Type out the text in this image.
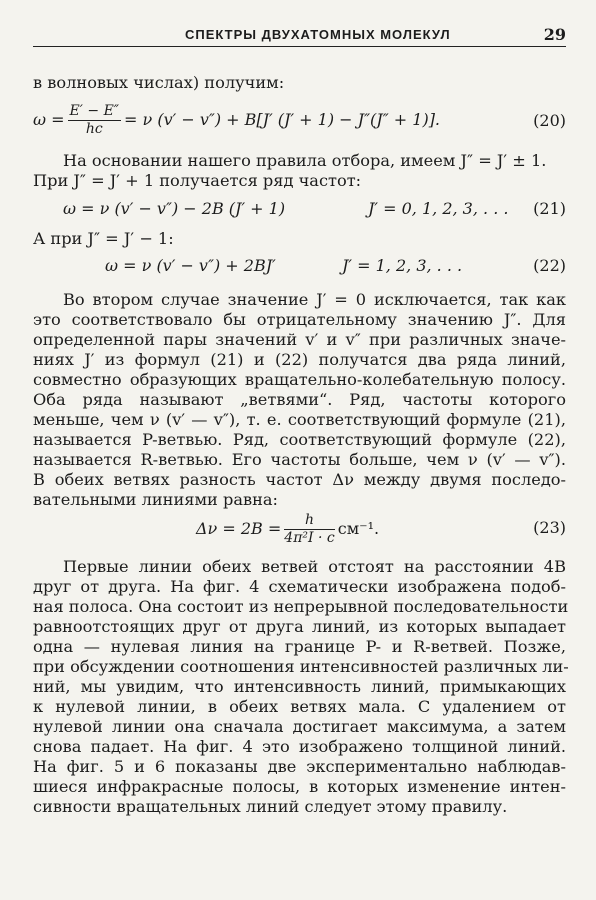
СПЕКТРЫ ДВУХАТОМНЫХ МОЛЕКУЛ	29
в волновых числах) получим:
$\omega = \frac{E' - E''}{hc} = \nu$ (v′ − v″) + B[J′ (J′ + 1) − J″(J″ + 1)].	(20)
На основании нашего правила отбора, имеем J″ = J′ ± 1.
При J″ = J′ + 1 получается ряд частот:
ω = ν (v′ − v″) − 2B (J′ + 1)	J′ = 0, 1, 2, 3, . . . (21)
А при J″ = J′ − 1:
ω = ν (v′ − v″) + 2BJ′	J′ = 1, 2, 3, . . .	(22)
Во втором случае значение J′ = 0 исключается, так как
это соответствовало бы отрицательному значению J″. Для
определенной пары значений v′ и v″ при различных значе-
ниях J′ из формул (21) и (22) получатся два ряда линий,
совместно образующих вращательно-колебательную полосу.
Оба ряда называют „ветвями“. Ряд, частоты которого
меньше, чем ν (v′ — v″), т. е. соответствующий формуле (21),
называется P-ветвью. Ряд, соответствующий формуле (22),
называется R-ветвью. Его частоты больше, чем ν (v′ — v″).
В обеих ветвях разность частот Δν между двумя последо-
вательными линиями равна:
$\Delta\nu = 2B = \frac{h}{\text{4π²I · c}} см^{-1}$.	(23)
Первые линии обеих ветвей отстоят на расстоянии 4B
друг от друга. На фиг. 4 схематически изображена подоб-
ная полоса. Она состоит из непрерывной последовательности
равноотстоящих друг от друга линий, из которых выпадает
одна — нулевая линия на границе P- и R-ветвей. Позже,
при обсуждении соотношения интенсивностей различных ли-
ний, мы увидим, что интенсивность линий, примыкающих
к нулевой линии, в обеих ветвях мала. С удалением от
нулевой линии она сначала достигает максимума, а затем
снова падает. На фиг. 4 это изображено толщиной линий.
На фиг. 5 и 6 показаны две экспериментально наблюдав-
шиеся инфракрасные полосы, в которых изменение интен-
сивности вращательных линий следует этому правилу.
